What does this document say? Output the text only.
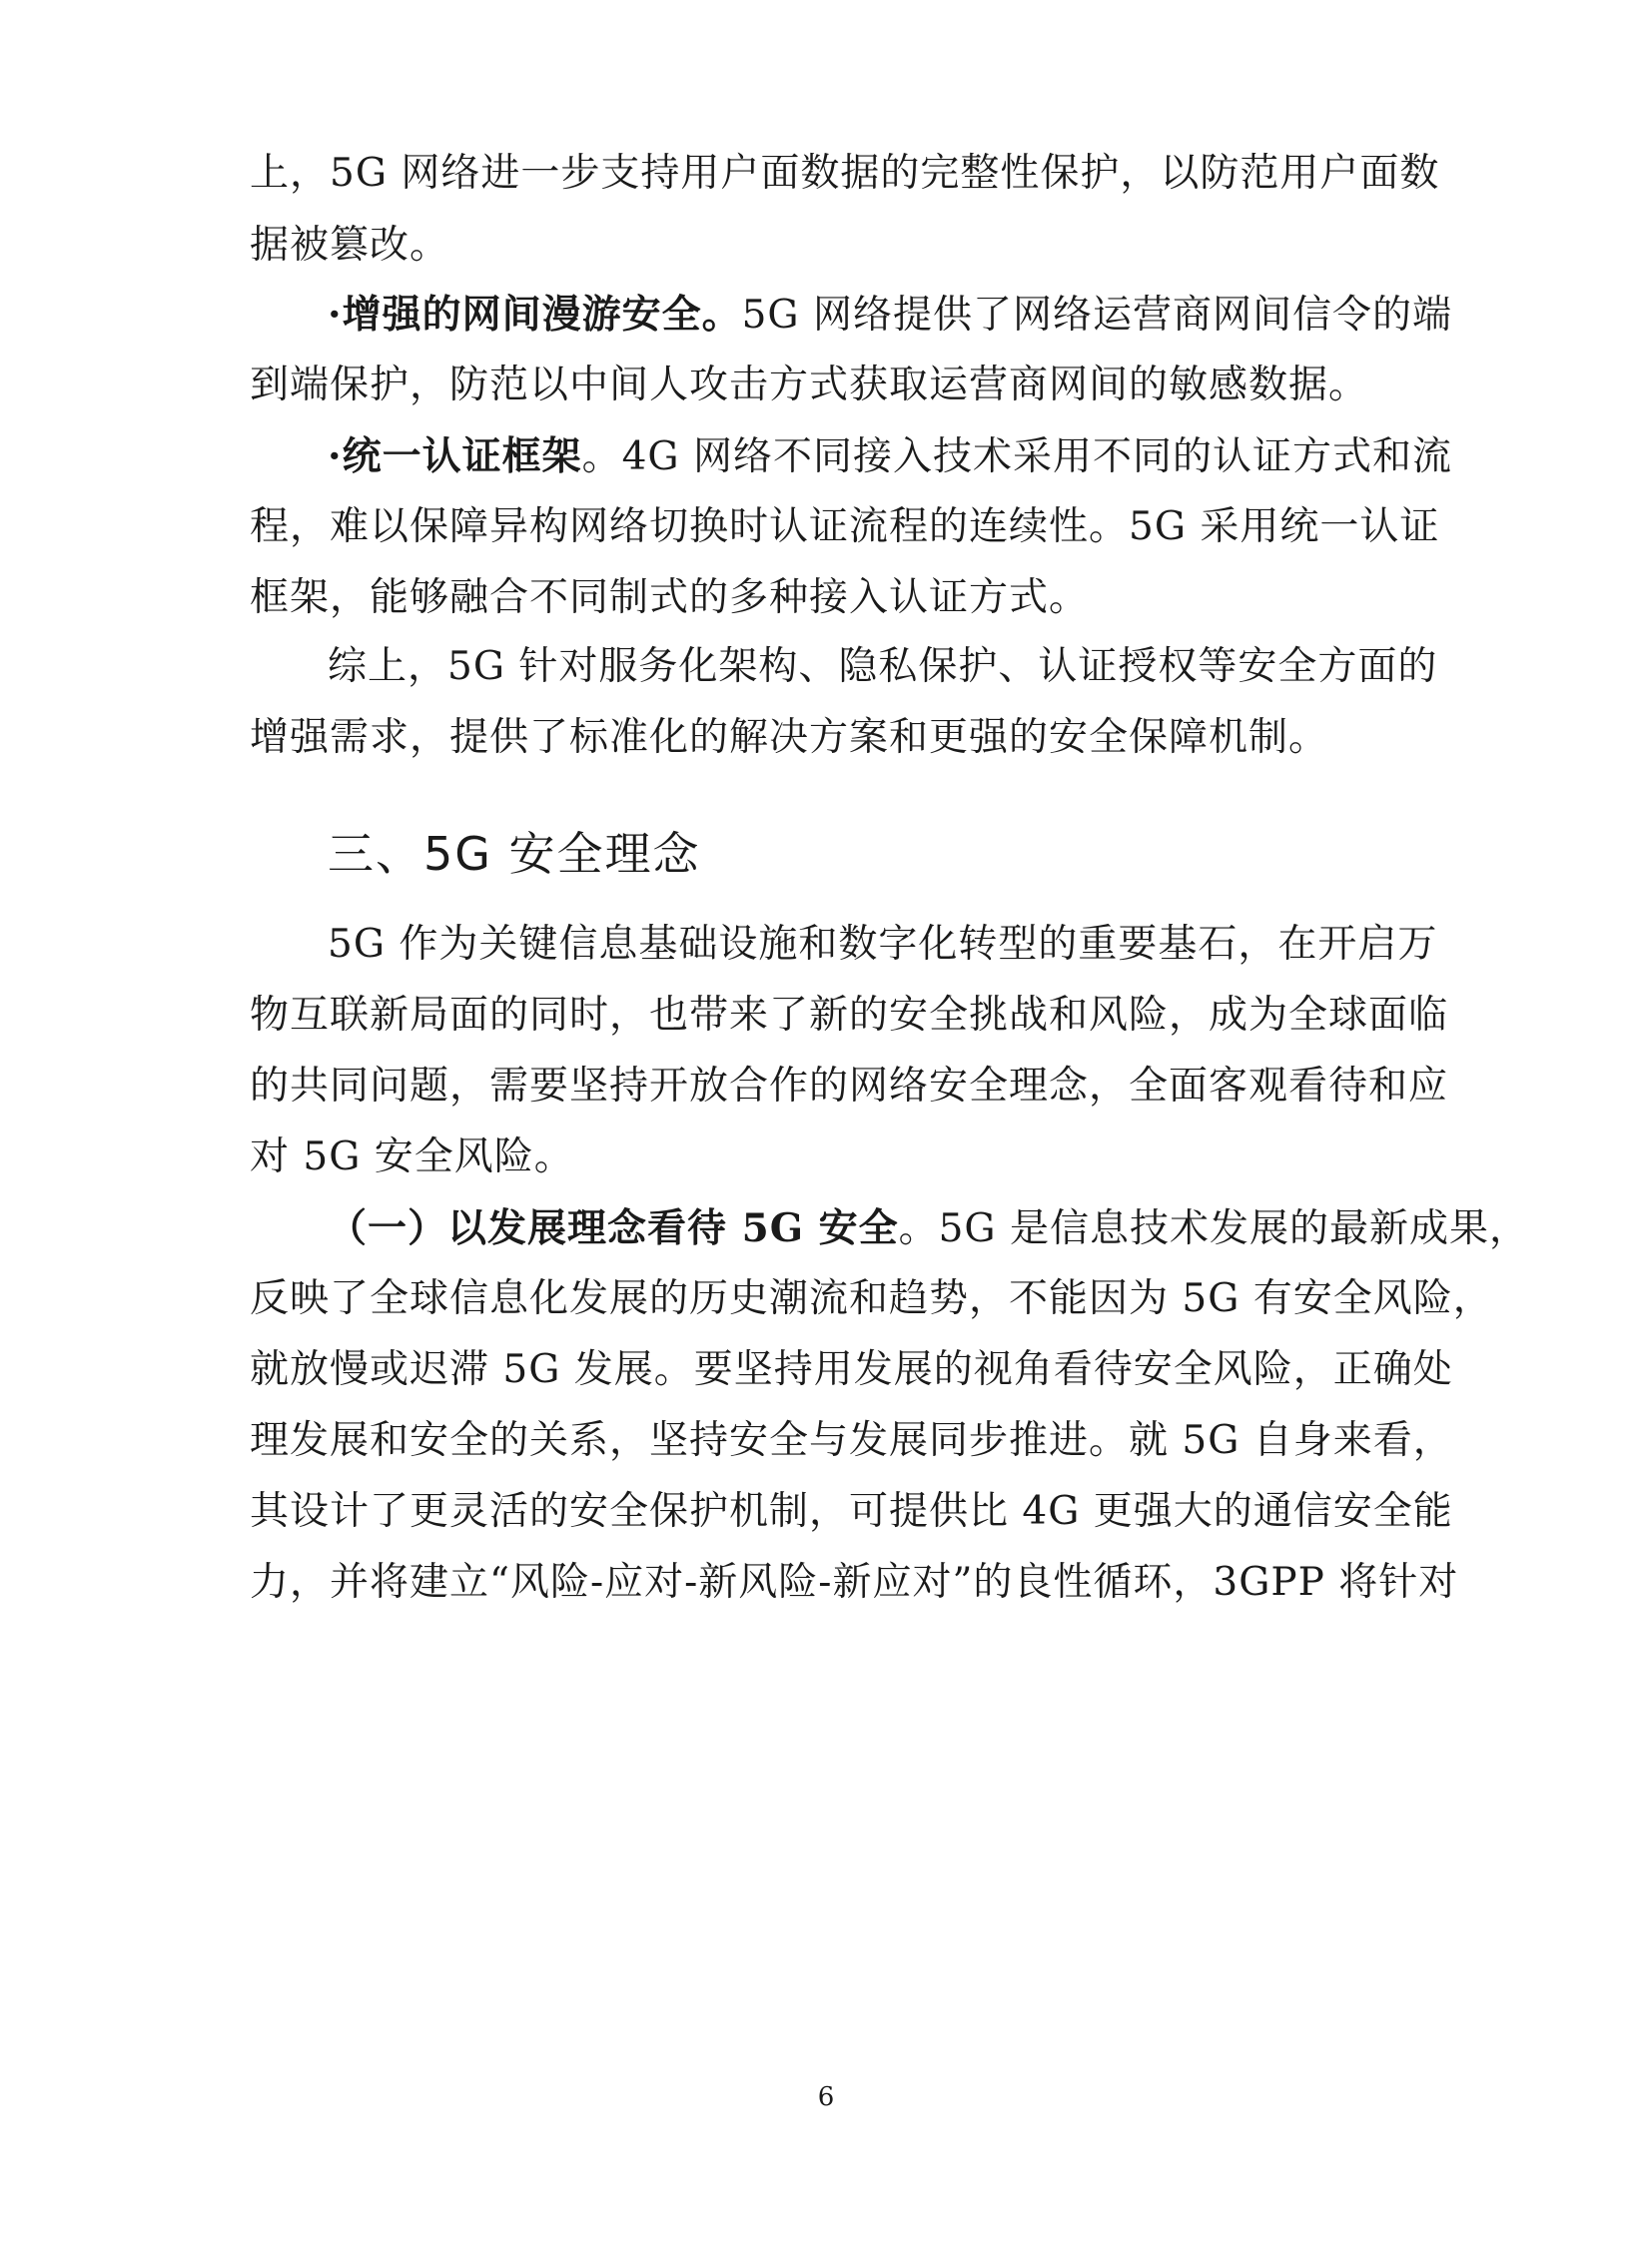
上，5G 网络进一步支持用户面数据的完整性保护，以防范用户面数
据被篡改。
·增强的网间漫游安全。5G 网络提供了网络运营商网间信令的端
到端保护，防范以中间人攻击方式获取运营商网间的敏感数据。
·统一认证框架。4G 网络不同接入技术采用不同的认证方式和流
程，难以保障异构网络切换时认证流程的连续性。5G 采用统一认证
框架，能够融合不同制式的多种接入认证方式。
综上，5G 针对服务化架构、隐私保护、认证授权等安全方面的
增强需求，提供了标准化的解决方案和更强的安全保障机制。
三、5G 安全理念
5G 作为关键信息基础设施和数字化转型的重要基石，在开启万
物互联新局面的同时，也带来了新的安全挑战和风险，成为全球面临
的共同问题，需要坚持开放合作的网络安全理念，全面客观看待和应
对 5G 安全风险。
（一）以发展理念看待 5G 安全。5G 是信息技术发展的最新成果，
反映了全球信息化发展的历史潮流和趋势，不能因为 5G 有安全风险，
就放慢或迟滞 5G 发展。要坚持用发展的视角看待安全风险，正确处
理发展和安全的关系，坚持安全与发展同步推进。就 5G 自身来看，
其设计了更灵活的安全保护机制，可提供比 4G 更强大的通信安全能
力，并将建立“风险-应对-新风险-新应对”的良性循环，3GPP 将针对
6
